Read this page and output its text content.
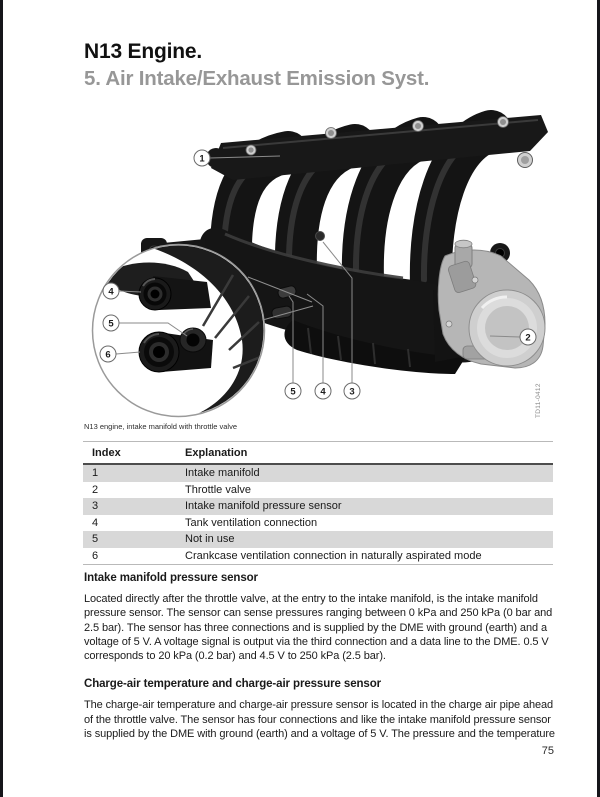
N13 Engine.
5. Air Intake/Exhaust Emission Syst.
1
2
4
5
6
5	4 3	TD11-0412
N13 engine, intake manifold with throttle valve
Index	Explanation
1	Intake manifold
2	Throttle valve
3	Intake manifold pressure sensor
4	Tank ventilation connection
5	Not in use
6	Crankcase ventilation connection in naturally aspirated mode
Intake manifold pressure sensor

Located directly after the throttle valve, at the entry to the intake manifold, is the intake manifold pressure sensor. The sensor can sense pressures ranging between 0 kPa and 250 kPa (0 bar and 2.5 bar). The sensor has three connections and is supplied by the DME with ground (earth) and a voltage of 5 V. A voltage signal is output via the third connection and a data line to the DME. 0.5 V corresponds to 20 kPa (0.2 bar) and 4.5 V to 250 kPa (2.5 bar).

Charge-air temperature and charge-air pressure sensor

The charge-air temperature and charge-air pressure sensor is located in the charge air pipe ahead of the throttle valve. The sensor has four connections and like the intake manifold pressure sensor is supplied by the DME with ground (earth) and a voltage of 5 V. The pressure and the temperature

75
